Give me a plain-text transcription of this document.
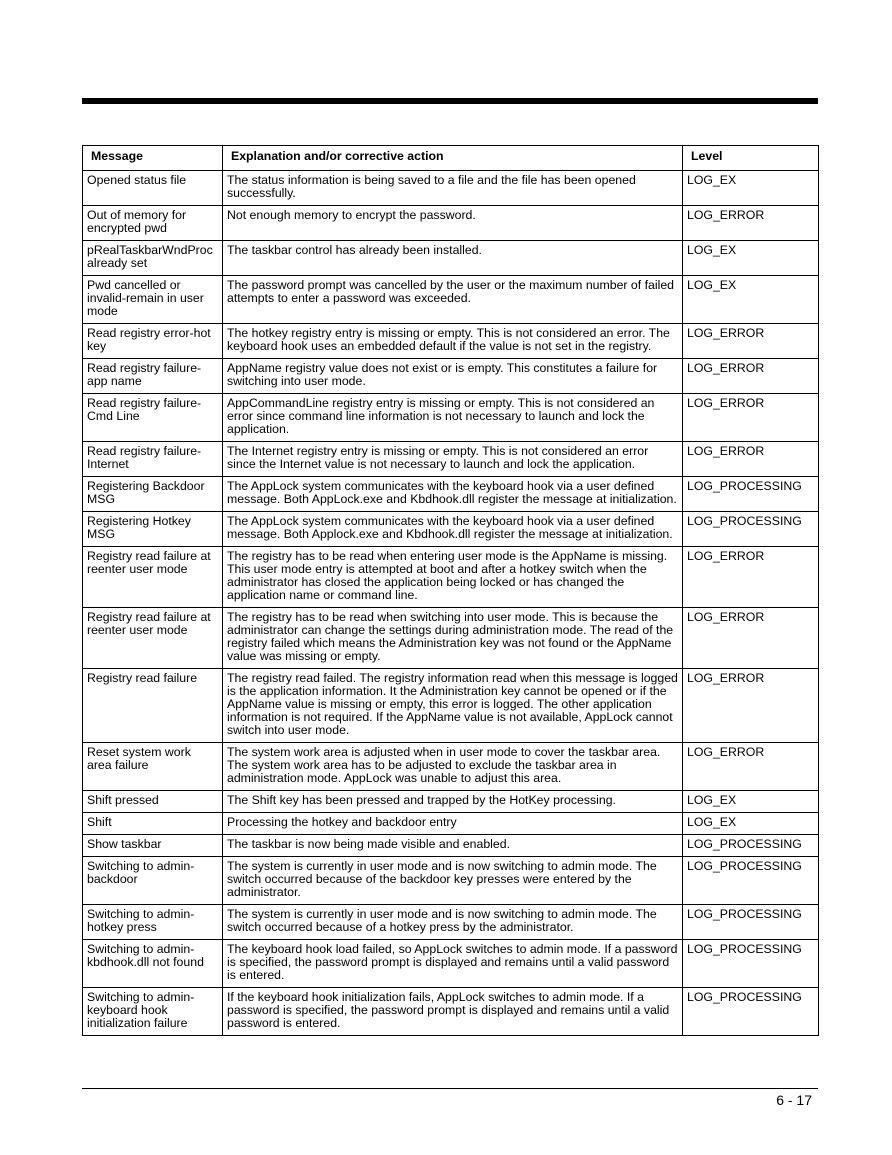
Message	Explanation and/or corrective action	Level
Opened status file	The status information is being saved to a file and the file has been opened successfully.	LOG_EX
Out of memory for encrypted pwd	Not enough memory to encrypt the password.	LOG_ERROR
pRealTaskbarWndProc already set	The taskbar control has already been installed.	LOG_EX
Pwd cancelled or invalid-remain in user mode	The password prompt was cancelled by the user or the maximum number of failed attempts to enter a password was exceeded.	LOG_EX
Read registry error-hot key	The hotkey registry entry is missing or empty. This is not considered an error. The keyboard hook uses an embedded default if the value is not set in the registry.	LOG_ERROR
Read registry failure-app name	AppName registry value does not exist or is empty. This constitutes a failure for switching into user mode.	LOG_ERROR
Read registry failure-Cmd Line	AppCommandLine registry entry is missing or empty. This is not considered an error since command line information is not necessary to launch and lock the application.	LOG_ERROR
Read registry failure-Internet	The Internet registry entry is missing or empty. This is not considered an error since the Internet value is not necessary to launch and lock the application.	LOG_ERROR
Registering Backdoor MSG	The AppLock system communicates with the keyboard hook via a user defined message. Both AppLock.exe and Kbdhook.dll register the message at initialization.	LOG_PROCESSING
Registering Hotkey MSG	The AppLock system communicates with the keyboard hook via a user defined message. Both Applock.exe and Kbdhook.dll register the message at initialization.	LOG_PROCESSING
Registry read failure at reenter user mode	The registry has to be read when entering user mode is the AppName is missing. This user mode entry is attempted at boot and after a hotkey switch when the administrator has closed the application being locked or has changed the application name or command line.	LOG_ERROR
Registry read failure at reenter user mode	The registry has to be read when switching into user mode. This is because the administrator can change the settings during administration mode. The read of the registry failed which means the Administration key was not found or the AppName value was missing or empty.	LOG_ERROR
Registry read failure	The registry read failed. The registry information read when this message is logged is the application information. It the Administration key cannot be opened or if the AppName value is missing or empty, this error is logged. The other application information is not required. If the AppName value is not available, AppLock cannot switch into user mode.	LOG_ERROR
Reset system work area failure	The system work area is adjusted when in user mode to cover the taskbar area. The system work area has to be adjusted to exclude the taskbar area in administration mode. AppLock was unable to adjust this area.	LOG_ERROR
Shift pressed	The Shift key has been pressed and trapped by the HotKey processing.	LOG_EX
Shift	Processing the hotkey and backdoor entry	LOG_EX
Show taskbar	The taskbar is now being made visible and enabled.	LOG_PROCESSING
Switching to admin-backdoor	The system is currently in user mode and is now switching to admin mode. The switch occurred because of the backdoor key presses were entered by the administrator.	LOG_PROCESSING
Switching to admin-hotkey press	The system is currently in user mode and is now switching to admin mode. The switch occurred because of a hotkey press by the administrator.	LOG_PROCESSING
Switching to admin-kbdhook.dll not found	The keyboard hook load failed, so AppLock switches to admin mode. If a password is specified, the password prompt is displayed and remains until a valid password is entered.	LOG_PROCESSING
Switching to admin-keyboard hook initialization failure	If the keyboard hook initialization fails, AppLock switches to admin mode. If a password is specified, the password prompt is displayed and remains until a valid password is entered.	LOG_PROCESSING
6 - 17
